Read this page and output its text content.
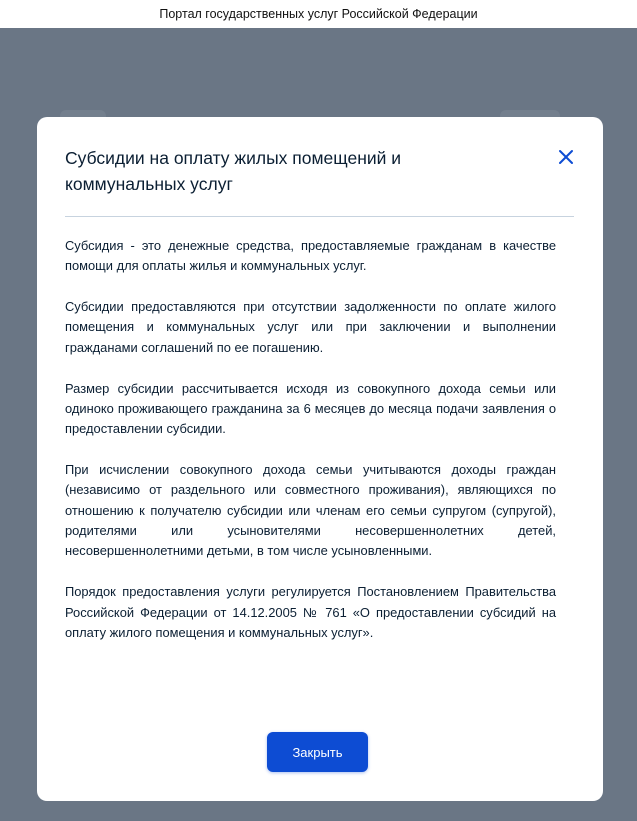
Портал государственных услуг Российской Федерации
Субсидии на оплату жилых помещений и коммунальных услуг

Субсидия - это денежные средства, предоставляемые гражданам в качестве помощи для оплаты жилья и коммунальных услуг.

Субсидии предоставляются при отсутствии задолженности по оплате жилого помещения и коммунальных услуг или при заключении и выполнении гражданами соглашений по ее погашению.

Размер субсидии рассчитывается исходя из совокупного дохода семьи или одиноко проживающего гражданина за 6 месяцев до месяца подачи заявления о предоставлении субсидии.

При исчислении совокупного дохода семьи учитываются доходы граждан (независимо от раздельного или совместного проживания), являющихся по отношению к получателю субсидии или членам его семьи супругом (супругой), родителями или усыновителями несовершеннолетних детей, несовершеннолетними детьми, в том числе усыновленными.

Порядок предоставления услуги регулируется Постановлением Правительства Российской Федерации от 14.12.2005 № 761 «О предоставлении субсидий на оплату жилого помещения и коммунальных услуг».

Закрыть
